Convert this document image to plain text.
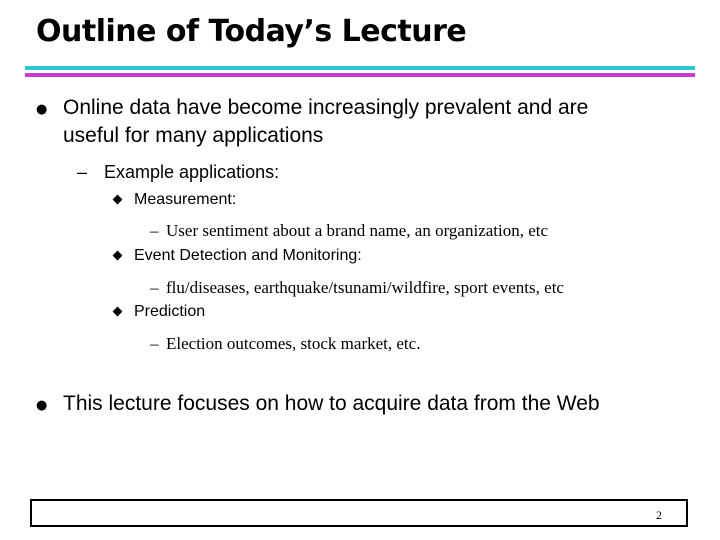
Outline of Today’s Lecture
● Online data have become increasingly prevalent and are
useful for many applications
– Example applications:
Measurement:
– User sentiment about a brand name, an organization, etc
Event Detection and Monitoring:
– flu/diseases, earthquake/tsunami/wildfire, sport events, etc
Prediction
– Election outcomes, stock market, etc.
● This lecture focuses on how to acquire data from the Web
2
